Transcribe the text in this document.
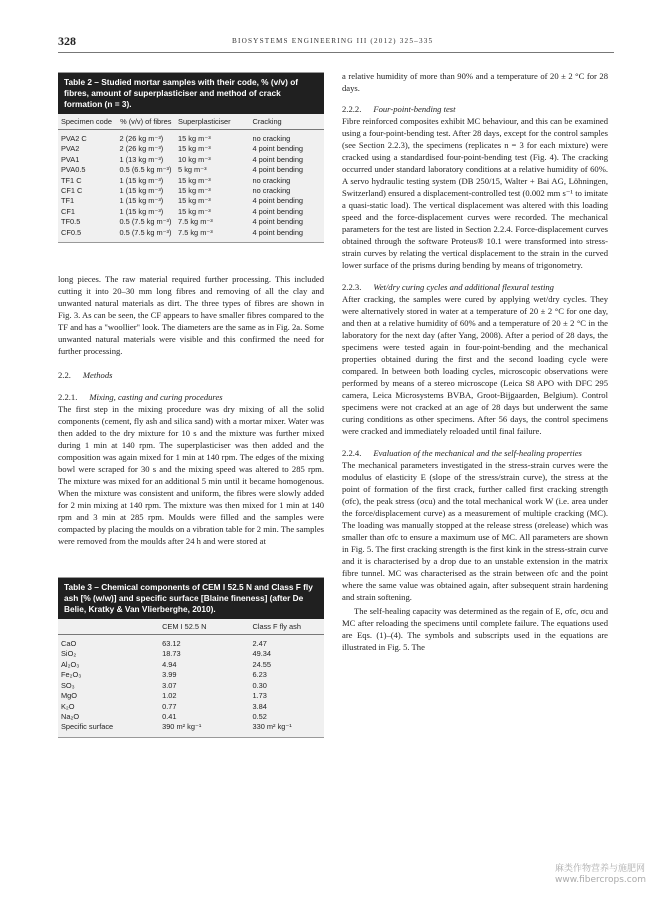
328	BIOSYSTEMS ENGINEERING III (2012) 325–335
Table 2 – Studied mortar samples with their code, % (v/v) of fibres, amount of superplasticiser and method of crack formation (n = 3).
Specimen code	% (v/v) of fibres	Superplasticiser	Cracking
PVA2 C	2 (26 kg m⁻³)	15 kg m⁻³	no cracking
PVA2	2 (26 kg m⁻³)	15 kg m⁻³	4 point bending
PVA1	1 (13 kg m⁻³)	10 kg m⁻³	4 point bending
PVA0.5	0.5 (6.5 kg m⁻³)	5 kg m⁻³	4 point bending
TF1 C	1 (15 kg m⁻³)	15 kg m⁻³	no cracking
CF1 C	1 (15 kg m⁻³)	15 kg m⁻³	no cracking
TF1	1 (15 kg m⁻³)	15 kg m⁻³	4 point bending
CF1	1 (15 kg m⁻³)	15 kg m⁻³	4 point bending
TF0.5	0.5 (7.5 kg m⁻³)	7.5 kg m⁻³	4 point bending
CF0.5	0.5 (7.5 kg m⁻³)	7.5 kg m⁻³	4 point bending

long pieces. The raw material required further processing. This included cutting it into 20–30 mm long fibres and removing of all the clay and unwanted natural materials as dirt. The three types of fibres are shown in Fig. 3. As can be seen, the CF appears to have smaller fibres compared to the TF and has a "woollier" look. The diameters are the same as in Fig. 2a. Some unwanted natural materials were visible and this confirmed the need for further processing.

2.2. Methods
2.2.1. Mixing, casting and curing procedures

The first step in the mixing procedure was dry mixing of all the solid components (cement, fly ash and silica sand) with a mortar mixer. Water was then added to the dry mixture for 10 s and the mixture was further mixed during 1 min at 140 rpm. The superplasticiser was then added and the composition was again mixed for 1 min at 140 rpm. The edges of the mixing bowl were scraped for 30 s and the mixing speed was altered to 285 rpm. The mixture was mixed for an additional 5 min until it became homogenous. When the mixture was consistent and uniform, the fibres were slowly added for 2 min mixing at 140 rpm. The mixture was then mixed for 1 min at 140 rpm and 3 min at 285 rpm. Moulds were filled and the samples were compacted by placing the moulds on a vibration table for 2 min. The samples were removed from the moulds after 24 h and were stored at

Table 3 – Chemical components of CEM I 52.5 N and Class F fly ash [% (w/w)] and specific surface [Blaine fineness] (after De Belie, Kratky & Van Vlierberghe, 2010).
	CEM I 52.5 N	Class F fly ash
CaO	63.12	2.47
SiO₂	18.73	49.34
Al₂O₃	4.94	24.55
Fe₂O₃	3.99	6.23
SO₃	3.07	0.30
MgO	1.02	1.73
K₂O	0.77	3.84
Na₂O	0.41	0.52
Specific surface	390 m² kg⁻¹	330 m² kg⁻¹

a relative humidity of more than 90% and a temperature of 20 ± 2 °C for 28 days.

2.2.2. Four-point-bending test

Fibre reinforced composites exhibit MC behaviour, and this can be examined using a four-point-bending test. After 28 days, except for the control samples (see Section 2.2.3), the specimens (replicates n = 3 for each mixture) were cracked using a standardised four-point-bending test (Fig. 4). The cracking occurred under standard laboratory conditions at a relative humidity of 60%. A servo hydraulic testing system (DB 250/15, Walter + Bai AG, Löhningen, Switzerland) ensured a displacement-controlled test (0.002 mm s⁻¹ to imitate a quasi-static load). The vertical displacement was altered with this loading speed and the force-displacement curves were recorded. The mechanical parameters for the test are listed in Section 2.2.4. Force-displacement curves obtained through the software Proteus® 10.1 were transformed into stress-strain curves by relating the vertical displacement to the strain in the curved lower surface of the prisms during bending by means of trigonometry.

2.2.3. Wet/dry curing cycles and additional flexural testing

After cracking, the samples were cured by applying wet/dry cycles. They were alternatively stored in water at a temperature of 20 ± 2 °C for one day, and then at a relative humidity of 60% and a temperature of 20 ± 2 °C in the laboratory for the next day (after Yang, 2008). After a period of 28 days, the specimens were tested again in four-point-bending and the mechanical properties obtained during the first and the second loading cycle were compared. In between both loading cycles, microscopic observations were performed by means of a stereo microscope (Leica S8 APO with DFC 295 camera, Leica Microsystems BVBA, Groot-Bijgaarden, Belgium). Control specimens were not cracked at an age of 28 days but underwent the same curing conditions as other specimens. After 56 days, the control specimens were cracked and immediately reloaded until final failure.

2.2.4. Evaluation of the mechanical and the self-healing properties

The mechanical parameters investigated in the stress-strain curves were the modulus of elasticity E (slope of the stress/strain curve), the stress at the point of formation of the first crack, further called first cracking strength (σfc), the peak stress (σcu) and the total mechanical work W (i.e. area under the force/displacement curve) as a measurement of multiple cracking (MC). The loading was manually stopped at the release stress (σrelease) which was smaller than σfc to ensure a maximum use of MC. All parameters are shown in Fig. 5. The first cracking strength is the first kink in the stress-strain curve and it is characterised by a drop due to an unstable extension in the matrix fibre tunnel. MC was characterised as the strain between σfc and the point where the same value was obtained again, after subsequent strain hardening and strain softening.

The self-healing capacity was determined as the regain of E, σfc, σcu and MC after reloading the specimens until complete failure. The equations used are Eqs. (1)–(4). The symbols and subscripts used in the equations are illustrated in Fig. 5. The

麻类作物营养与施肥网
www.fibercrops.com
